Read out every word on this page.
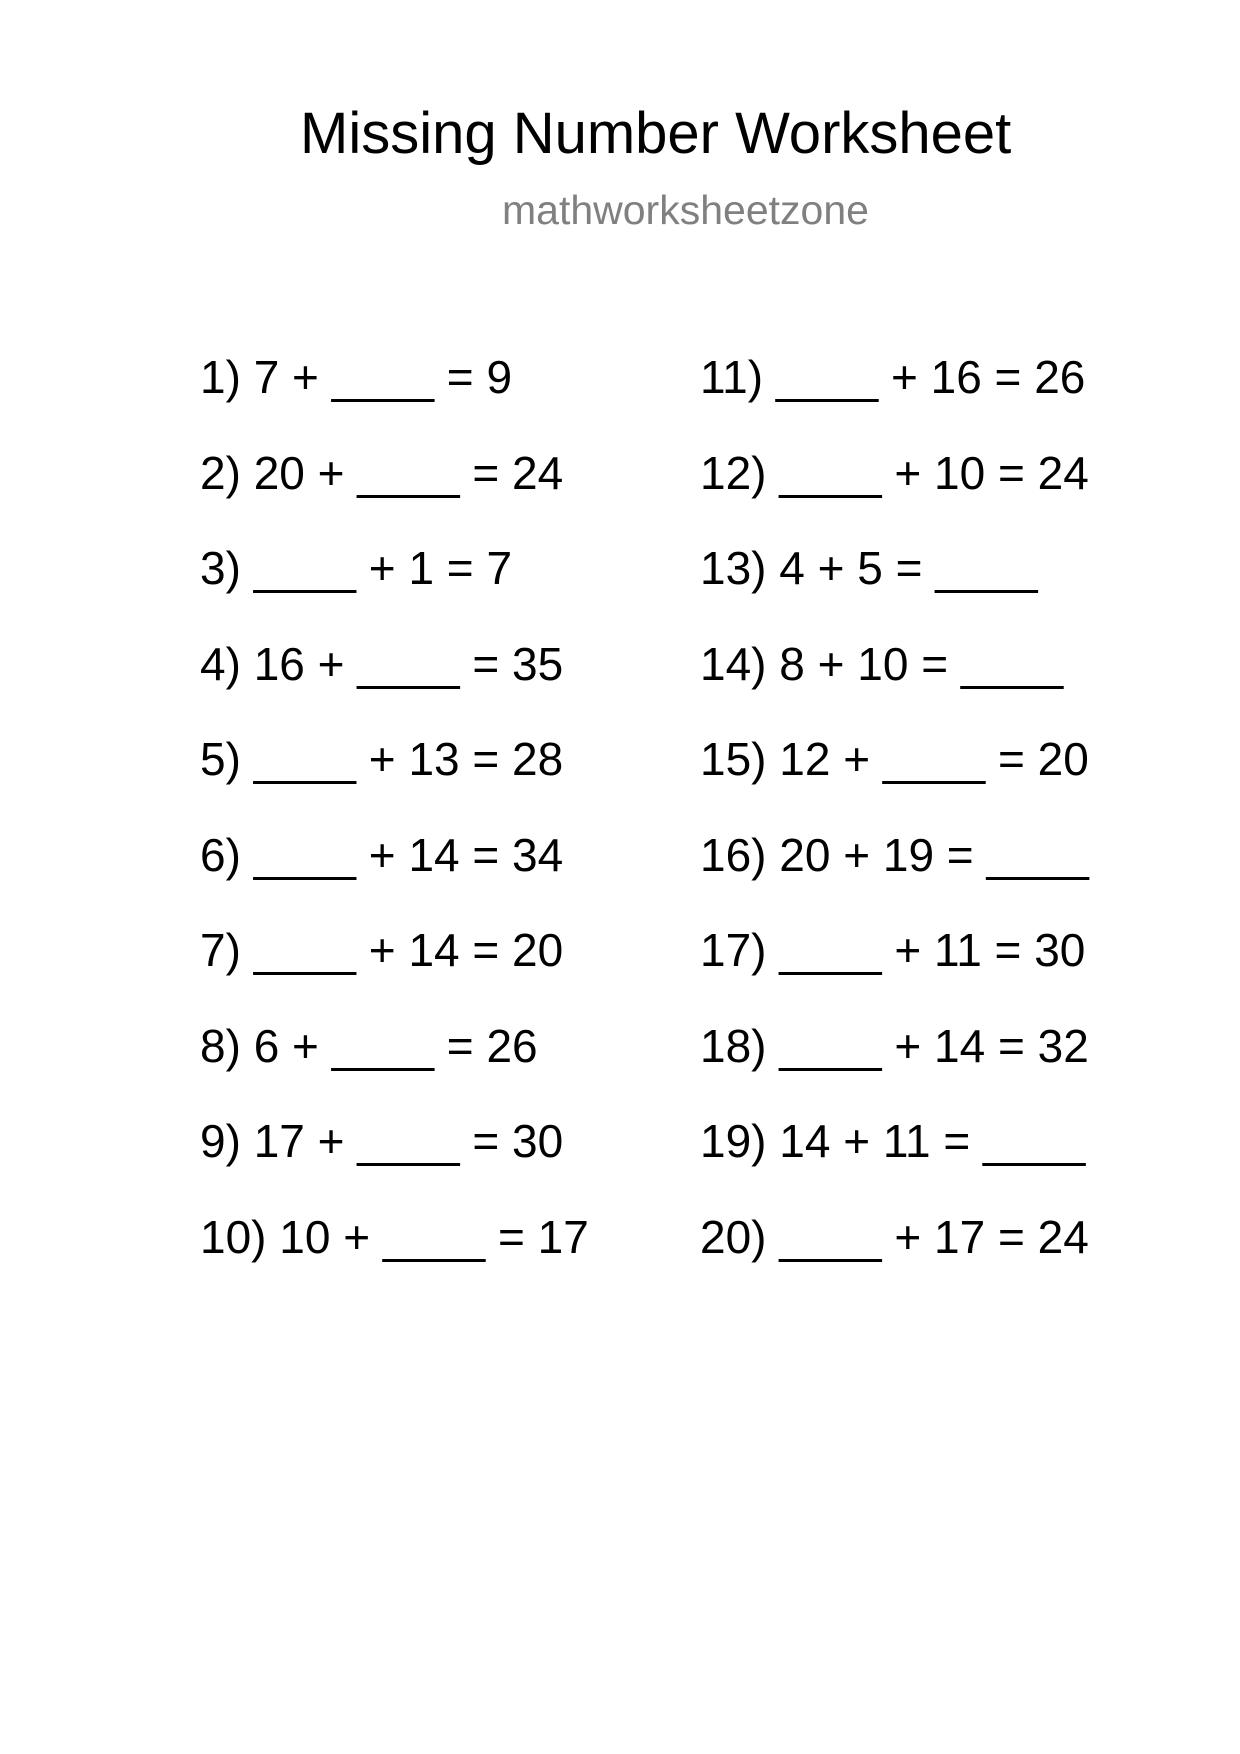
Missing Number Worksheet
mathworksheetzone
1) 7 + ____ = 9
2) 20 + ____ = 24
3) ____ + 1 = 7
4) 16 + ____ = 35
5) ____ + 13 = 28
6) ____ + 14 = 34
7) ____ + 14 = 20
8) 6 + ____ = 26
9) 17 + ____ = 30
10) 10 + ____ = 17
11) ____ + 16 = 26
12) ____ + 10 = 24
13) 4 + 5 = ____
14) 8 + 10 = ____
15) 12 + ____ = 20
16) 20 + 19 = ____
17) ____ + 11 = 30
18) ____ + 14 = 32
19) 14 + 11 = ____
20) ____ + 17 = 24
